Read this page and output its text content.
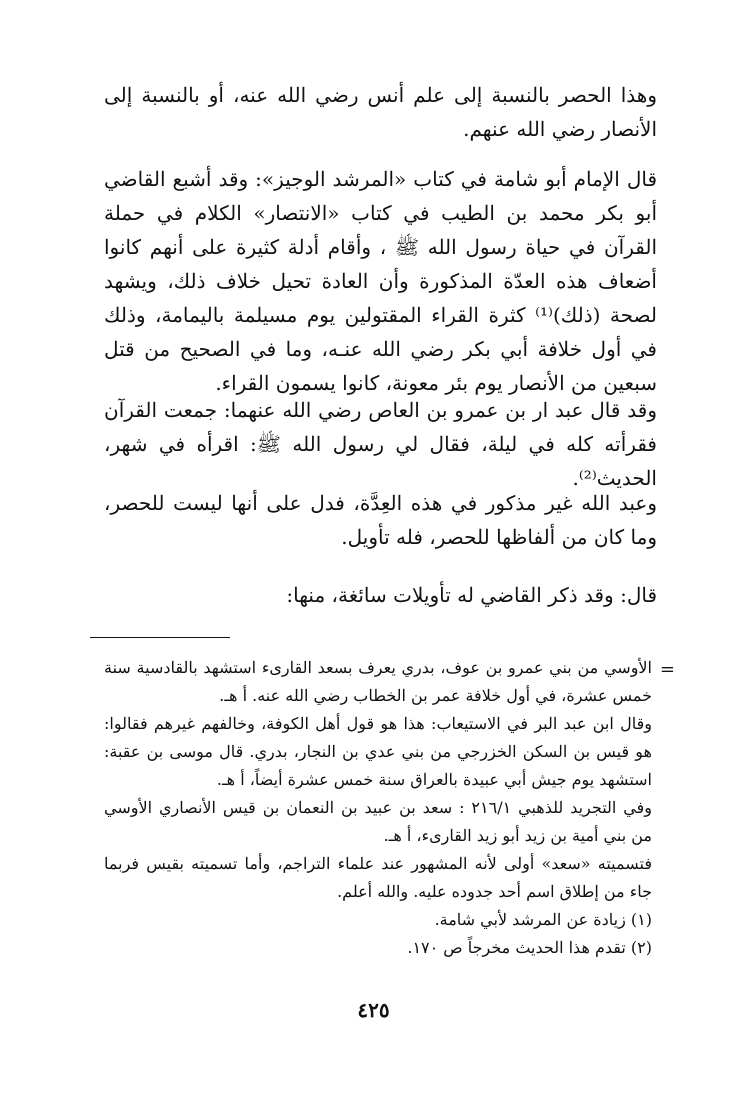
وهذا الحصر بالنسبة إلى علم أنس رضي الله عنه، أو بالنسبة إلى الأنصار رضي الله عنهم.

قال الإمام أبو شامة في كتاب «المرشد الوجيز»: وقد أشبع القاضي أبو بكر محمد بن الطيب في كتاب «الانتصار» الكلام في حملة القرآن في حياة رسول الله ﷺ ، وأقام أدلة كثيرة على أنهم كانوا أضعاف هذه العدّة المذكورة وأن العادة تحيل خلاف ذلك، ويشهد لصحة (ذلك)⁽¹⁾ كثرة القراء المقتولين يوم مسيلمة باليمامة، وذلك في أول خلافة أبي بكر رضي الله عنـه، وما في الصحيح من قتل سبعين من الأنصار يوم بئر معونة، كانوا يسمون القراء.

وقد قال عبد ار بن عمرو بن العاص رضي الله عنهما: جمعت القرآن فقرأته كله في ليلة، فقال لي رسول الله ﷺ: اقرأه في شهر، الحديث⁽²⁾.

وعبد الله غير مذكور في هذه العِدَّة، فدل على أنها ليست للحصر، وما كان من ألفاظها للحصر، فله تأويل.

قال: وقد ذكر القاضي له تأويلات سائغة، منها:

=

الأوسي من بني عمرو بن عوف، بدري يعرف بسعد القارىء استشهد بالقادسية سنة خمس عشرة، في أول خلافة عمر بن الخطاب رضي الله عنه. أ هـ.

وقال ابن عبد البر في الاستيعاب: هذا هو قول أهل الكوفة، وخالفهم غيرهم فقالوا: هو قيس بن السكن الخزرجي من بني عدي بن النجار، بدري. قال موسى بن عقبة: استشهد يوم جيش أبي عبيدة بالعراق سنة خمس عشرة أيضاً، أ هـ.

وفي التجريد للذهبي ٢١٦/١ : سعد بن عبيد بن النعمان بن قيس الأنصاري الأوسي من بني أمية بن زيد أبو زيد القارىء، أ هـ.

فتسميته «سعد» أولى لأنه المشهور عند علماء التراجم، وأما تسميته بقيس فربما جاء من إطلاق اسم أحد جدوده عليه. والله أعلم.

(١) زيادة عن المرشد لأبي شامة.

(٢) تقدم هذا الحديث مخرجاً ص ١٧٠.

٤٢٥
